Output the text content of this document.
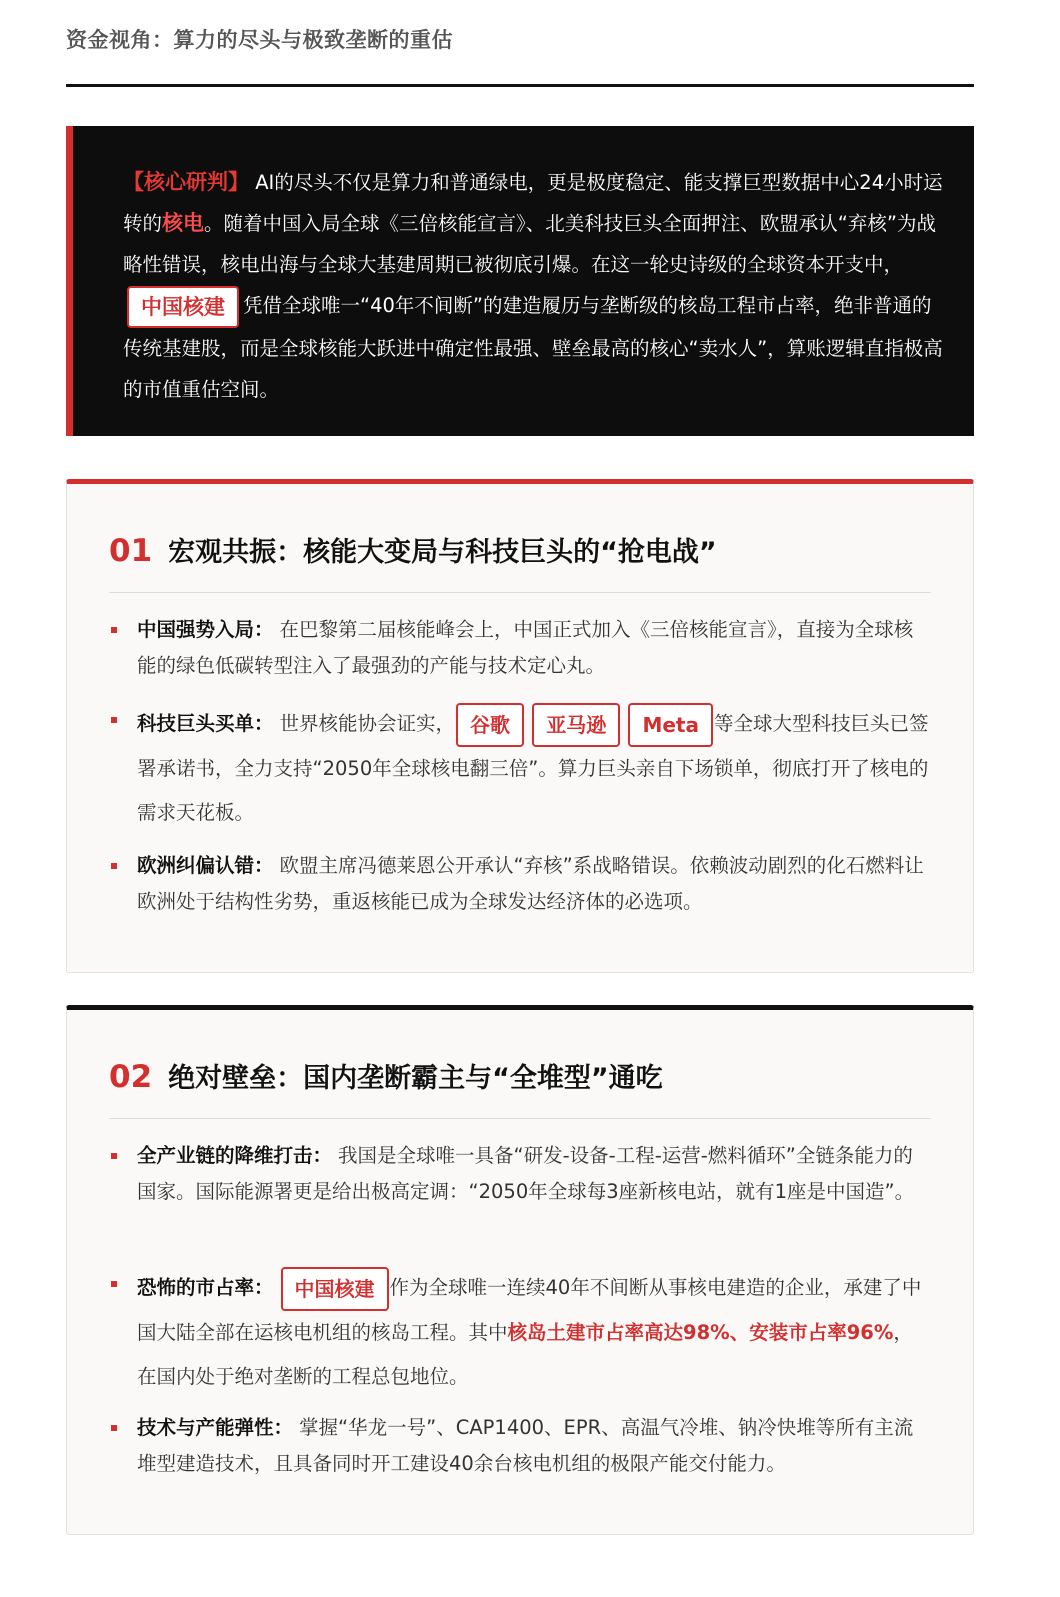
资金视角：算力的尽头与极致垄断的重估
【核心研判】 AI的尽头不仅是算力和普通绿电，更是极度稳定、能支撑巨型数据中心24小时运转的核电。随着中国入局全球《三倍核能宣言》、北美科技巨头全面押注、欧盟承认“弃核”为战略性错误，核电出海与全球大基建周期已被彻底引爆。在这一轮史诗级的全球资本开支中，中国核建 凭借全球唯一“40年不间断”的建造履历与垄断级的核岛工程市占率，绝非普通的传统基建股，而是全球核能大跃进中确定性最强、壁垒最高的核心“卖水人”，算账逻辑直指极高的市值重估空间。
01 宏观共振：核能大变局与科技巨头的“抢电战”
中国强势入局： 在巴黎第二届核能峰会上，中国正式加入《三倍核能宣言》，直接为全球核能的绿色低碳转型注入了最强劲的产能与技术定心丸。
科技巨头买单： 世界核能协会证实， 谷歌 亚马逊 Meta 等全球大型科技巨头已签署承诺书，全力支持“2050年全球核电翻三倍”。算力巨头亲自下场锁单，彻底打开了核电的需求天花板。
欧洲纠偏认错： 欧盟主席冯德莱恩公开承认“弃核”系战略错误。依赖波动剧烈的化石燃料让欧洲处于结构性劣势，重返核能已成为全球发达经济体的必选项。
02 绝对壁垒：国内垄断霸主与“全堆型”通吃
全产业链的降维打击： 我国是全球唯一具备“研发-设备-工程-运营-燃料循环”全链条能力的国家。国际能源署更是给出极高定调：“2050年全球每3座新核电站，就有1座是中国造”。
恐怖的市占率： 中国核建 作为全球唯一连续40年不间断从事核电建造的企业，承建了中国大陆全部在运核电机组的核岛工程。其中核岛土建市占率高达98%、安装市占率96%，在国内处于绝对垄断的工程总包地位。
技术与产能弹性： 掌握“华龙一号”、CAP1400、EPR、高温气冷堆、钠冷快堆等所有主流堆型建造技术，且具备同时开工建设40余台核电机组的极限产能交付能力。
